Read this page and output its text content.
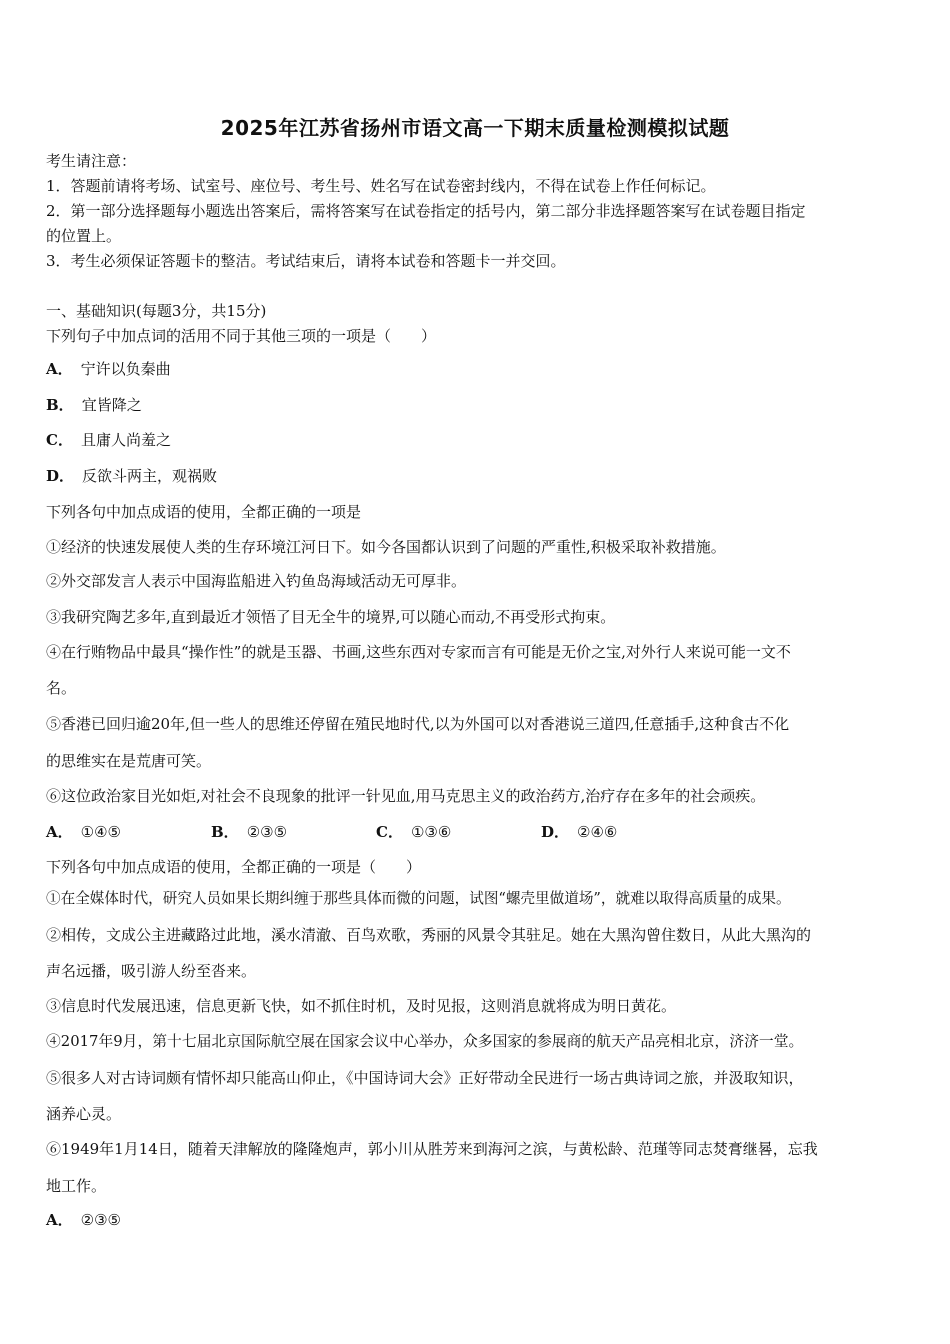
2025年江苏省扬州市语文高一下期末质量检测模拟试题
考生请注意：
1．答题前请将考场、试室号、座位号、考生号、姓名写在试卷密封线内，不得在试卷上作任何标记。
2．第一部分选择题每小题选出答案后，需将答案写在试卷指定的括号内，第二部分非选择题答案写在试卷题目指定
的位置上。
3．考生必须保证答题卡的整洁。考试结束后，请将本试卷和答题卡一并交回。
一、基础知识(每题3分，共15分)
下列句子中加点词的活用不同于其他三项的一项是（　　）
A． 宁许以负秦曲
B． 宜皆降之
C． 且庸人尚羞之
D． 反欲斗两主，观祸败
下列各句中加点成语的使用，全都正确的一项是
①经济的快速发展使人类的生存环境江河日下。如今各国都认识到了问题的严重性,积极采取补救措施。
②外交部发言人表示中国海监船进入钓鱼岛海域活动无可厚非。
③我研究陶艺多年,直到最近才领悟了目无全牛的境界,可以随心而动,不再受形式拘束。
④在行贿物品中最具“操作性”的就是玉器、书画,这些东西对专家而言有可能是无价之宝,对外行人来说可能一文不
名。
⑤香港已回归逾20年,但一些人的思维还停留在殖民地时代,以为外国可以对香港说三道四,任意插手,这种食古不化
的思维实在是荒唐可笑。
⑥这位政治家目光如炬,对社会不良现象的批评一针见血,用马克思主义的政治药方,治疗存在多年的社会顽疾。
A． ①④⑤	B． ②③⑤	C． ①③⑥	D． ②④⑥
下列各句中加点成语的使用，全都正确的一项是（　　）
①在全媒体时代，研究人员如果长期纠缠于那些具体而微的问题，试图“螺壳里做道场”，就难以取得高质量的成果。
②相传，文成公主进藏路过此地，溪水清澈、百鸟欢歌，秀丽的风景令其驻足。她在大黑沟曾住数日，从此大黑沟的
声名远播，吸引游人纷至沓来。
③信息时代发展迅速，信息更新飞快，如不抓住时机，及时见报，这则消息就将成为明日黄花。
④2017年9月，第十七届北京国际航空展在国家会议中心举办，众多国家的参展商的航天产品亮相北京，济济一堂。
⑤很多人对古诗词颇有情怀却只能高山仰止，《中国诗词大会》正好带动全民进行一场古典诗词之旅，并汲取知识，
涵养心灵。
⑥1949年1月14日，随着天津解放的隆隆炮声，郭小川从胜芳来到海河之滨，与黄松龄、范瑾等同志焚膏继晷，忘我
地工作。
A． ②③⑤
